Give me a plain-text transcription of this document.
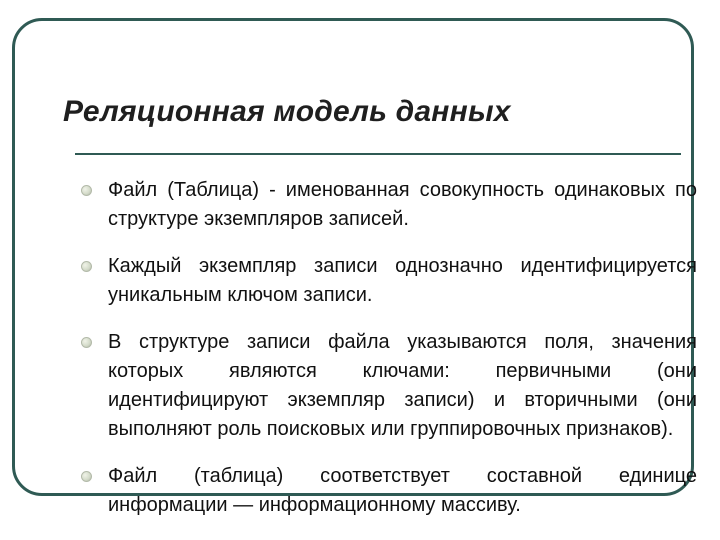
Реляционная модель данных
Файл (Таблица) - именованная совокупность одинаковых по структуре экземпляров записей.
Каждый экземпляр записи однозначно идентифицируется уникальным ключом записи.
В структуре записи файла указываются поля, значения которых являются ключами: первичными (они идентифицируют экземпляр записи) и вторичными (они выполняют роль поисковых или группировочных признаков).
Файл (таблица) соответствует составной единице информации — информационному массиву.
